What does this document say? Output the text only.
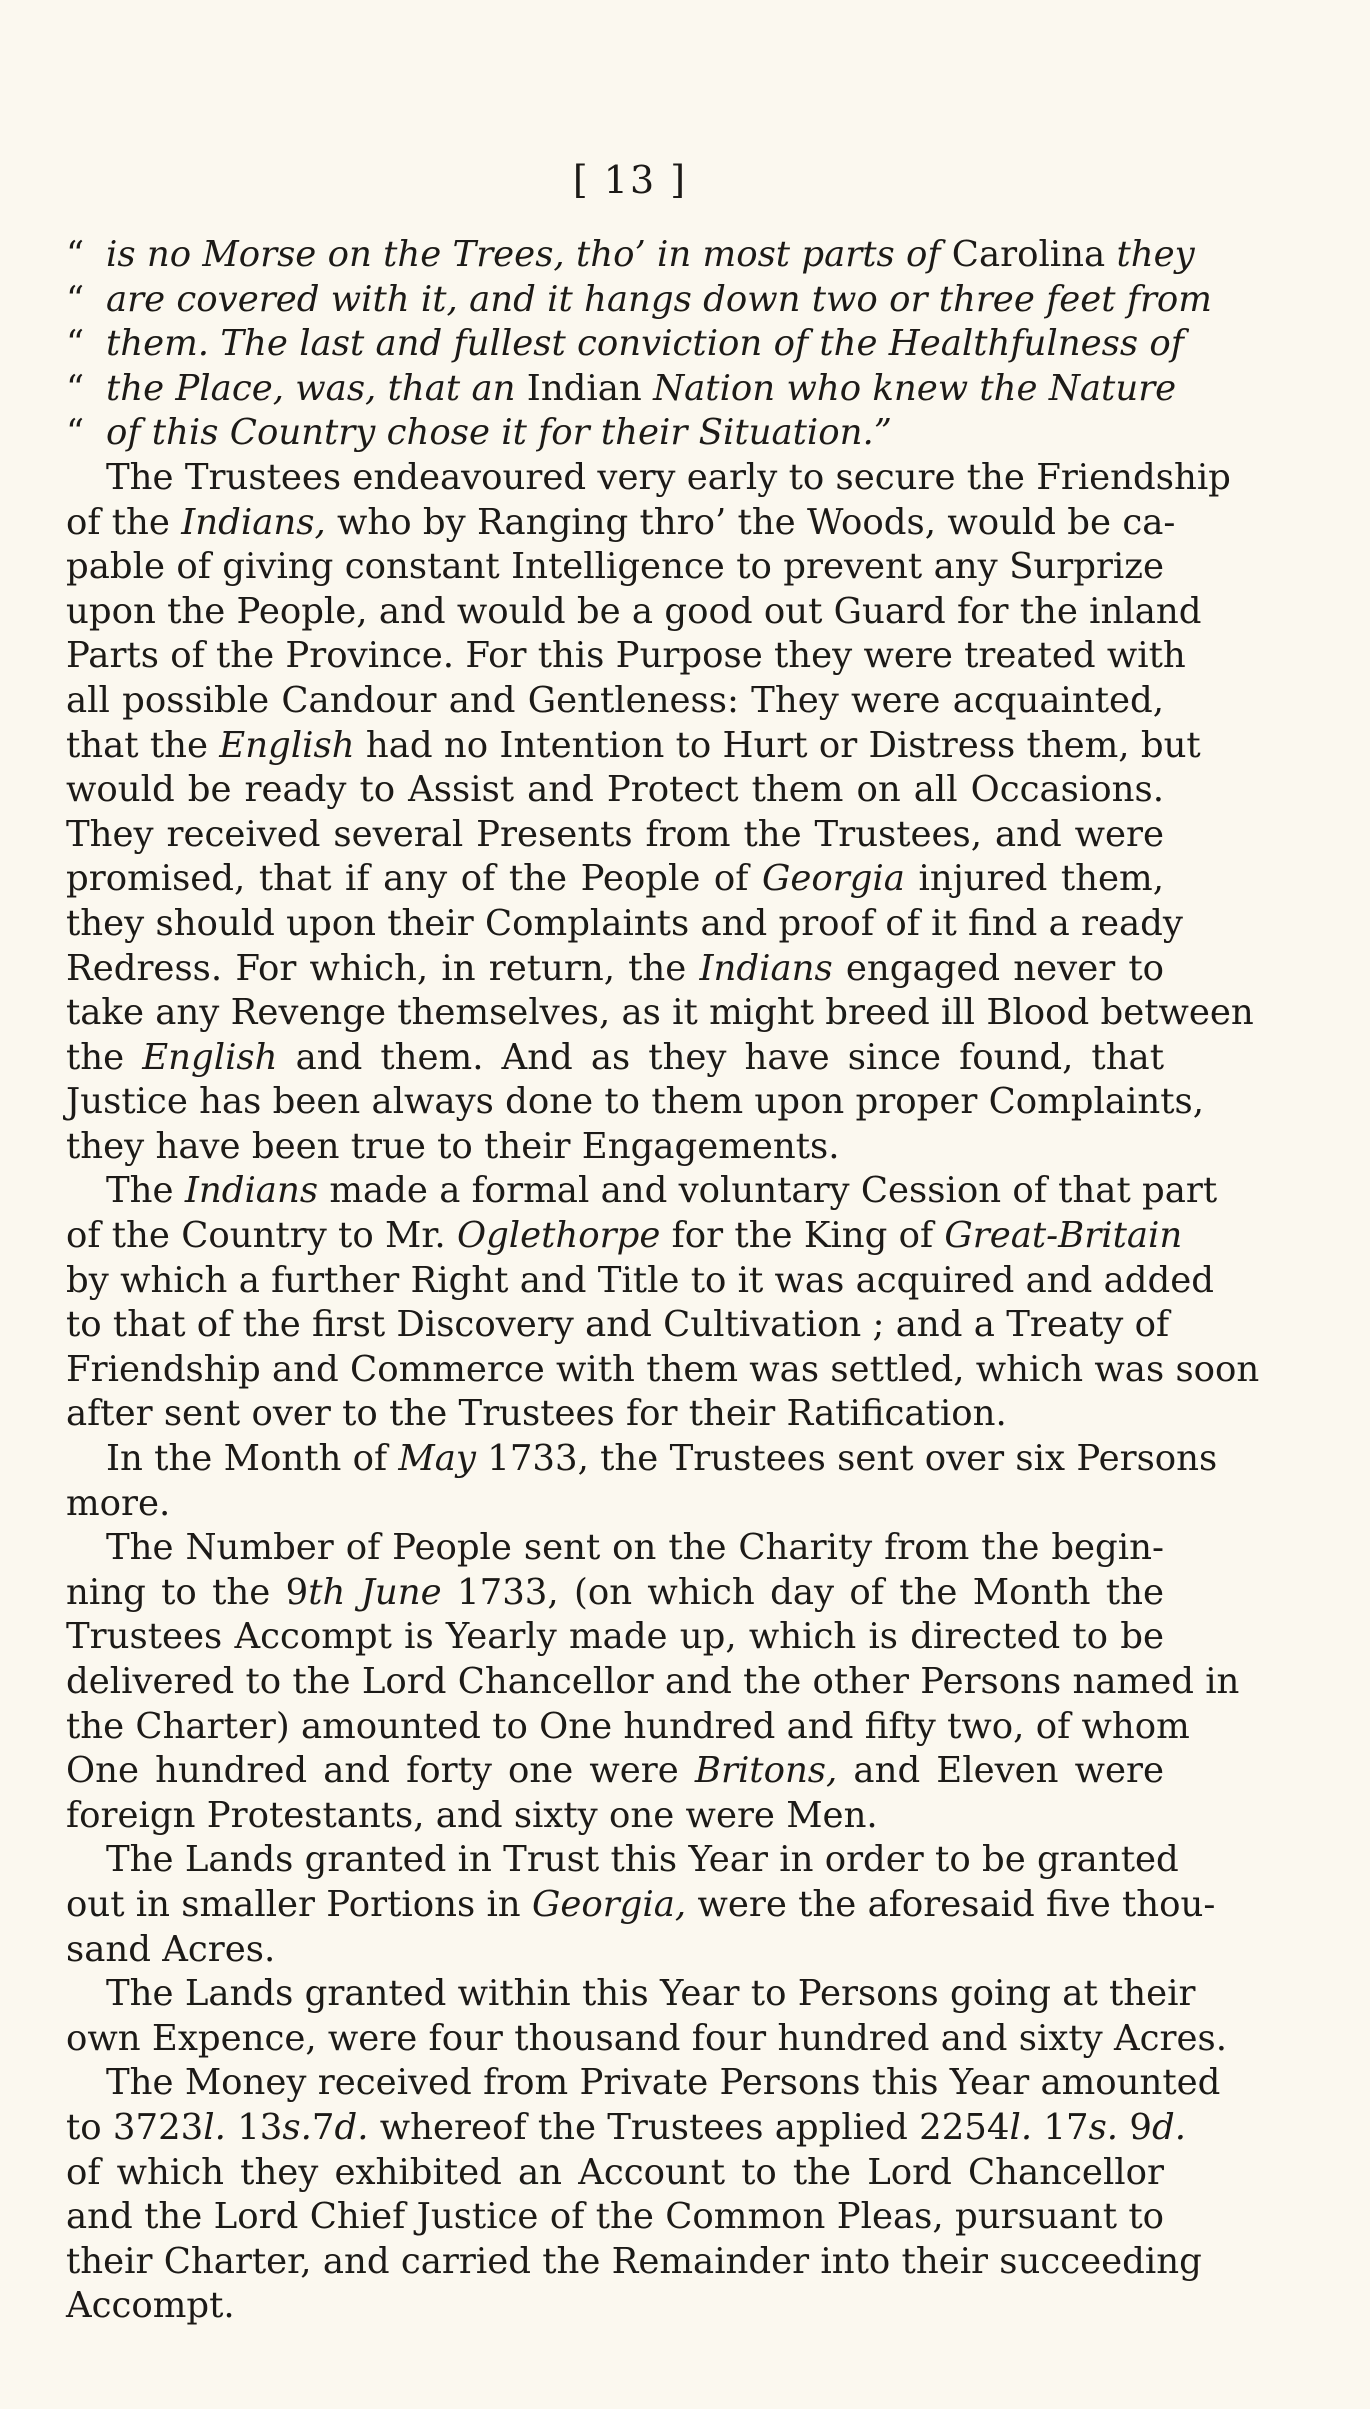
[ 13 ]
“ is no Morse on the Trees, tho’ in most parts of Carolina they
“ are covered with it, and it hangs down two or three feet from
“ them. The last and fullest conviction of the Healthfulness of
“ the Place, was, that an Indian Nation who knew the Nature
“ of this Country chose it for their Situation.”
The Trustees endeavoured very early to secure the Friendship
of the Indians, who by Ranging thro’ the Woods, would be ca-
pable of giving constant Intelligence to prevent any Surprize
upon the People, and would be a good out Guard for the inland
Parts of the Province. For this Purpose they were treated with
all possible Candour and Gentleness: They were acquainted,
that the English had no Intention to Hurt or Distress them, but
would be ready to Assist and Protect them on all Occasions.
They received several Presents from the Trustees, and were
promised, that if any of the People of Georgia injured them,
they should upon their Complaints and proof of it find a ready
Redress. For which, in return, the Indians engaged never to
take any Revenge themselves, as it might breed ill Blood between
the English and them. And as they have since found, that
Justice has been always done to them upon proper Complaints,
they have been true to their Engagements.
The Indians made a formal and voluntary Cession of that part
of the Country to Mr. Oglethorpe for the King of Great-Britain
by which a further Right and Title to it was acquired and added
to that of the first Discovery and Cultivation ; and a Treaty of
Friendship and Commerce with them was settled, which was soon
after sent over to the Trustees for their Ratification.
In the Month of May 1733, the Trustees sent over six Persons
more.
The Number of People sent on the Charity from the begin-
ning to the 9th June 1733, (on which day of the Month the
Trustees Accompt is Yearly made up, which is directed to be
delivered to the Lord Chancellor and the other Persons named in
the Charter) amounted to One hundred and fifty two, of whom
One hundred and forty one were Britons, and Eleven were
foreign Protestants, and sixty one were Men.
The Lands granted in Trust this Year in order to be granted
out in smaller Portions in Georgia, were the aforesaid five thou-
sand Acres.
The Lands granted within this Year to Persons going at their
own Expence, were four thousand four hundred and sixty Acres.
The Money received from Private Persons this Year amounted
to 3723l. 13s.7d. whereof the Trustees applied 2254l. 17s. 9d.
of which they exhibited an Account to the Lord Chancellor
and the Lord Chief Justice of the Common Pleas, pursuant to
their Charter, and carried the Remainder into their succeeding
Accompt.
